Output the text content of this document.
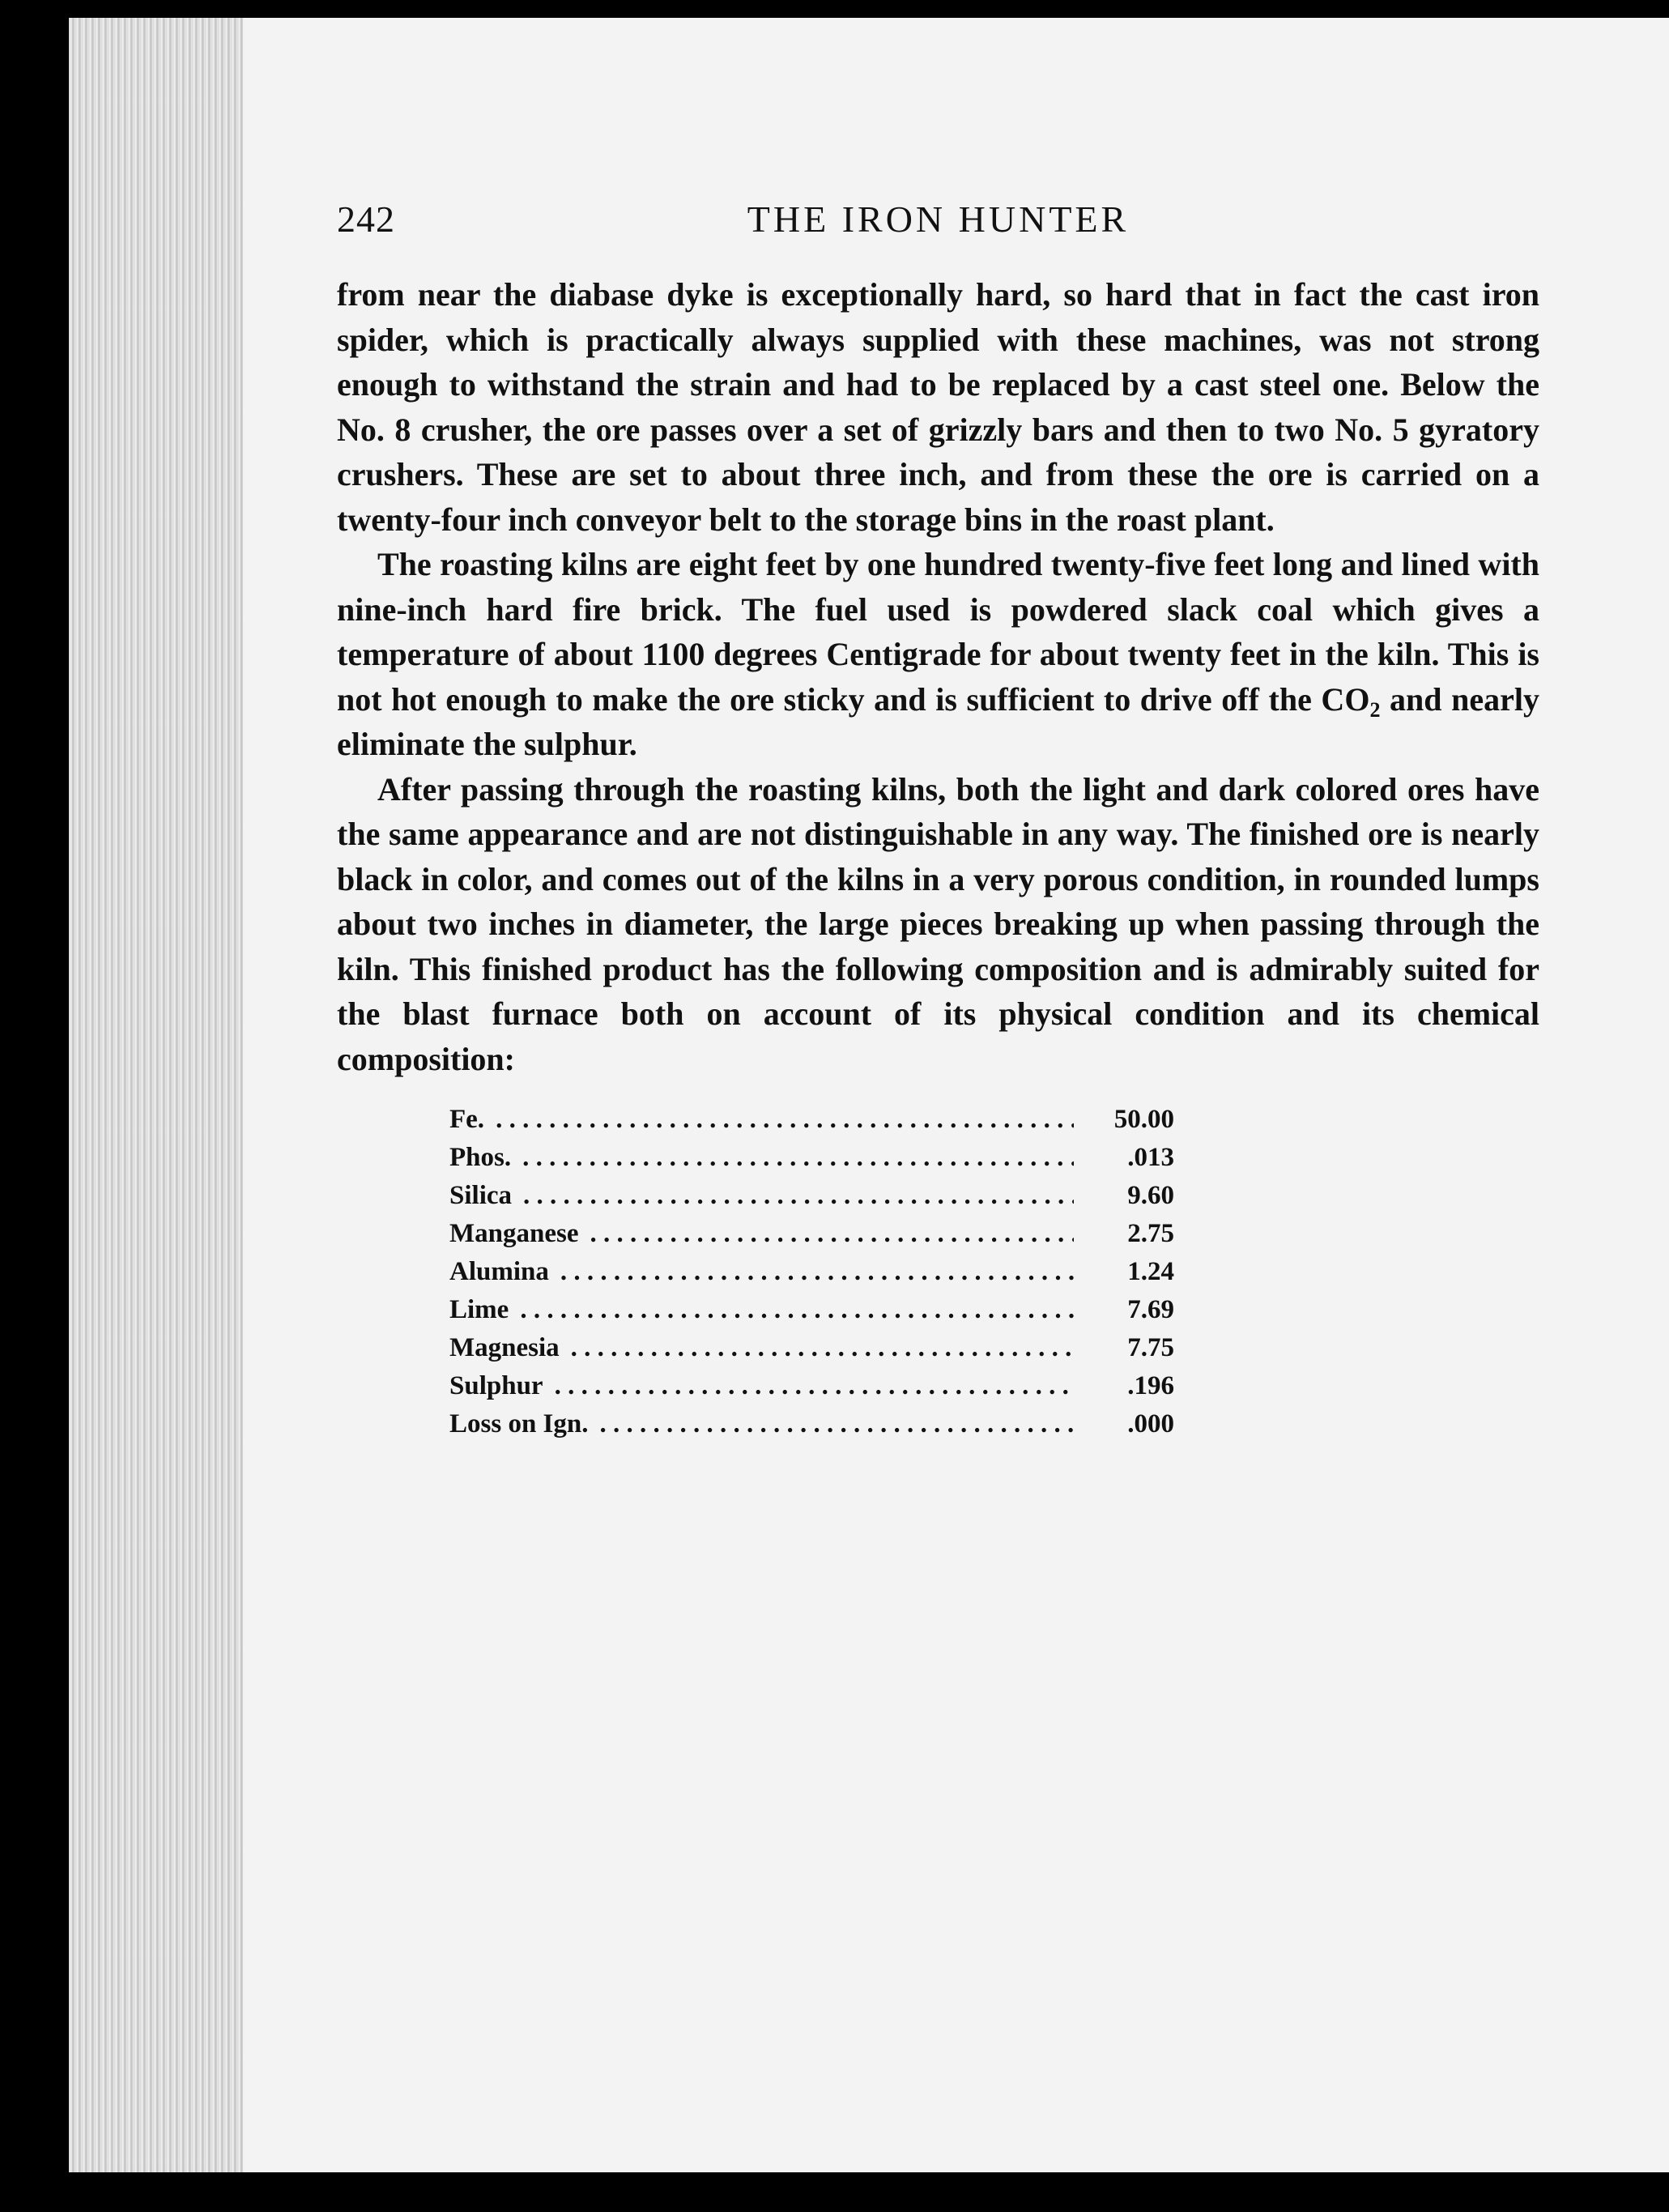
242	THE IRON HUNTER

from near the diabase dyke is exceptionally hard, so hard that in fact the cast iron spider, which is practically always supplied with these machines, was not strong enough to withstand the strain and had to be replaced by a cast steel one. Below the No. 8 crusher, the ore passes over a set of grizzly bars and then to two No. 5 gyratory crushers. These are set to about three inch, and from these the ore is carried on a twenty-four inch conveyor belt to the storage bins in the roast plant.

The roasting kilns are eight feet by one hundred twenty-five feet long and lined with nine-inch hard fire brick. The fuel used is powdered slack coal which gives a temperature of about 1100 degrees Centigrade for about twenty feet in the kiln. This is not hot enough to make the ore sticky and is sufficient to drive off the $CO_2$ and nearly eliminate the sulphur.

After passing through the roasting kilns, both the light and dark colored ores have the same appearance and are not distinguishable in any way. The finished ore is nearly black in color, and comes out of the kilns in a very porous condition, in rounded lumps about two inches in diameter, the large pieces breaking up when passing through the kiln. This finished product has the following composition and is admirably suited for the blast furnace both on account of its physical condition and its chemical composition:

Fe. . . .	50.00
Phos. . . .	.013
Silica . . .	9.60
Manganese . . .	2.75
Alumina . . .	1.24
Lime . . .	7.69
Magnesia . . .	7.75
Sulphur . . .	.196
Loss on Ign. . . .	.000
